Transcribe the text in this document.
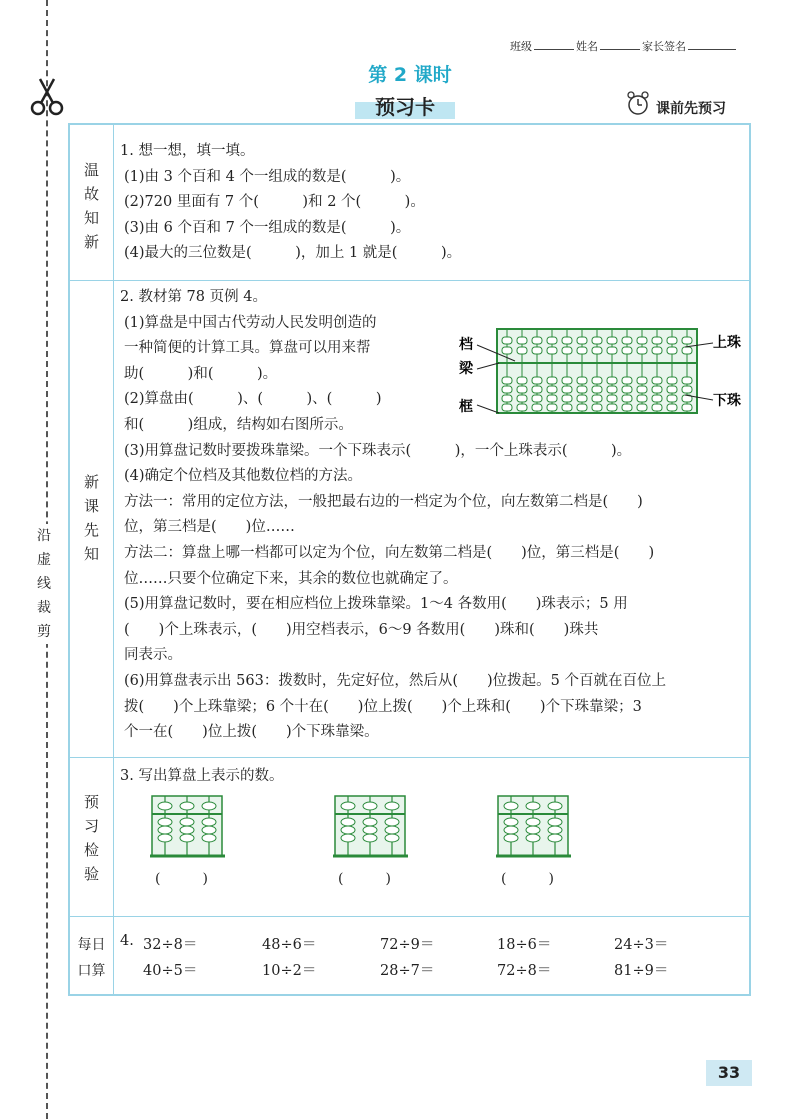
沿
虚
线
裁
剪
班级	姓名	家长签名
第 2 课时
预习卡	课前先预习
温
故
知
新
新
课
先
知
预
习
检
验
每日
口算
1. 想一想，填一填。
(1)由 3 个百和 4 个一组成的数是(　　　)。
(2)720 里面有 7 个(　　　)和 2 个(　　　)。
(3)由 6 个百和 7 个一组成的数是(　　　)。
(4)最大的三位数是(　　　)，加上 1 就是(　　　)。
2. 教材第 78 页例 4。
(1)算盘是中国古代劳动人民发明创造的
一种简便的计算工具。算盘可以用来帮
助(　　　)和(　　　)。
(2)算盘由(　　　)、(　　　)、(　　　)
和(　　　)组成，结构如右图所示。
(3)用算盘记数时要拨珠靠梁。一个下珠表示(　　　)，一个上珠表示(　　　)。
(4)确定个位档及其他数位档的方法。
方法一：常用的定位方法，一般把最右边的一档定为个位，向左数第二档是(　　)
位，第三档是(　　)位……
方法二：算盘上哪一档都可以定为个位，向左数第二档是(　　)位，第三档是(　　)
位……只要个位确定下来，其余的数位也就确定了。
(5)用算盘记数时，要在相应档位上拨珠靠梁。1～4 各数用(　　)珠表示；5 用
(　　)个上珠表示，(　　)用空档表示，6～9 各数用(　　)珠和(　　)珠共
同表示。
(6)用算盘表示出 563：拨数时，先定好位，然后从(　　)位拨起。5 个百就在百位上
拨(　　)个上珠靠梁；6 个十在(　　)位上拨(　　)个上珠和(　　)个下珠靠梁；3
个一在(　　)位上拨(　　)个下珠靠梁。
档
梁
框
上珠
下珠
3. 写出算盘上表示的数。
(　　　)	(　　　)	(　　　)
4. 32÷8＝	48÷6＝	72÷9＝	18÷6＝	24÷3＝
40÷5＝	10÷2＝	28÷7＝	72÷8＝	81÷9＝
33
